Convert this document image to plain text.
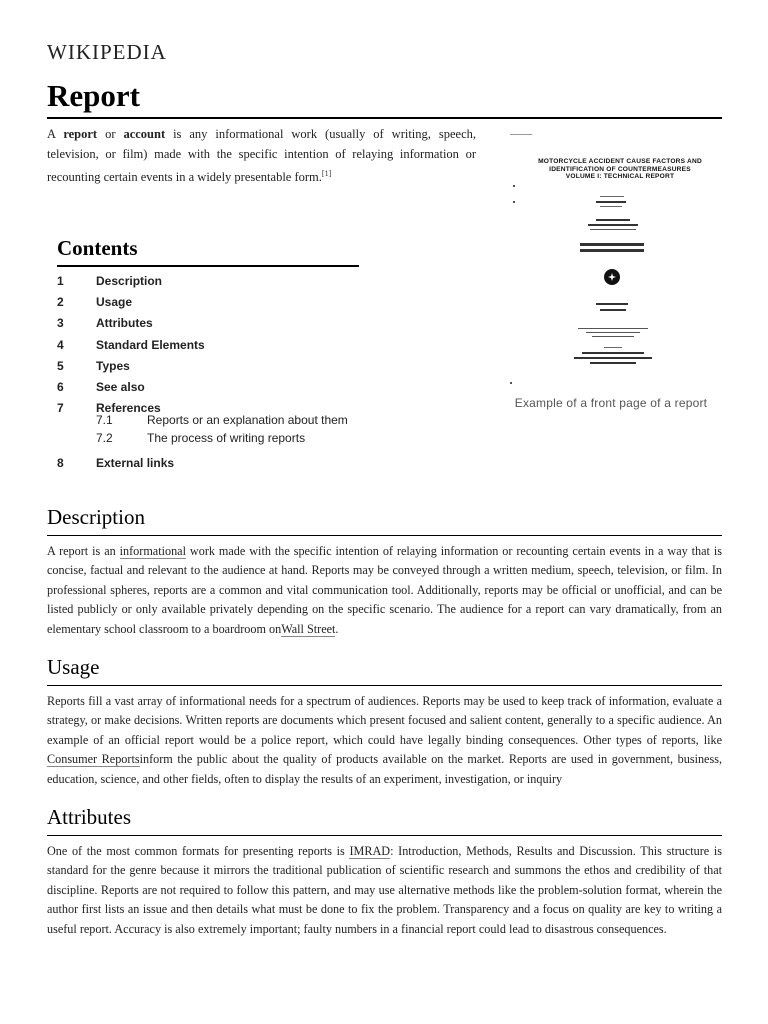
WIKIPEDIA
Report

A report or account is any informational work (usually of writing, speech, television, or film) made with the specific intention of relaying information or recounting certain events in a widely presentable form.[1]

MOTORCYCLE ACCIDENT CAUSE FACTORS AND
IDENTIFICATION OF COUNTERMEASURES
VOLUME I: TECHNICAL REPORT
Example of a front page of a report
Contents
1	Description
2	Usage
3	Attributes
4	Standard Elements
5	Types
6	See also
7	References
7.1	Reports or an explanation about them
7.2	The process of writing reports
8	External links
Description

A report is an informational work made with the specific intention of relaying information or recounting certain events in a way that is concise, factual and relevant to the audience at hand. Reports may be conveyed through a written medium, speech, television, or film. In professional spheres, reports are a common and vital communication tool. Additionally, reports may be official or unofficial, and can be listed publicly or only available privately depending on the specific scenario. The audience for a report can vary dramatically, from an elementary school classroom to a boardroom onWall Street.

Usage

Reports fill a vast array of informational needs for a spectrum of audiences. Reports may be used to keep track of information, evaluate a strategy, or make decisions. Written reports are documents which present focused and salient content, generally to a specific audience. An example of an official report would be a police report, which could have legally binding consequences. Other types of reports, like Consumer Reportsinform the public about the quality of products available on the market. Reports are used in government, business, education, science, and other fields, often to display the results of an experiment, investigation, or inquiry

Attributes

One of the most common formats for presenting reports is IMRAD: Introduction, Methods, Results and Discussion. This structure is standard for the genre because it mirrors the traditional publication of scientific research and summons the ethos and credibility of that discipline. Reports are not required to follow this pattern, and may use alternative methods like the problem-solution format, wherein the author first lists an issue and then details what must be done to fix the problem. Transparency and a focus on quality are key to writing a useful report. Accuracy is also extremely important; faulty numbers in a financial report could lead to disastrous consequences.
